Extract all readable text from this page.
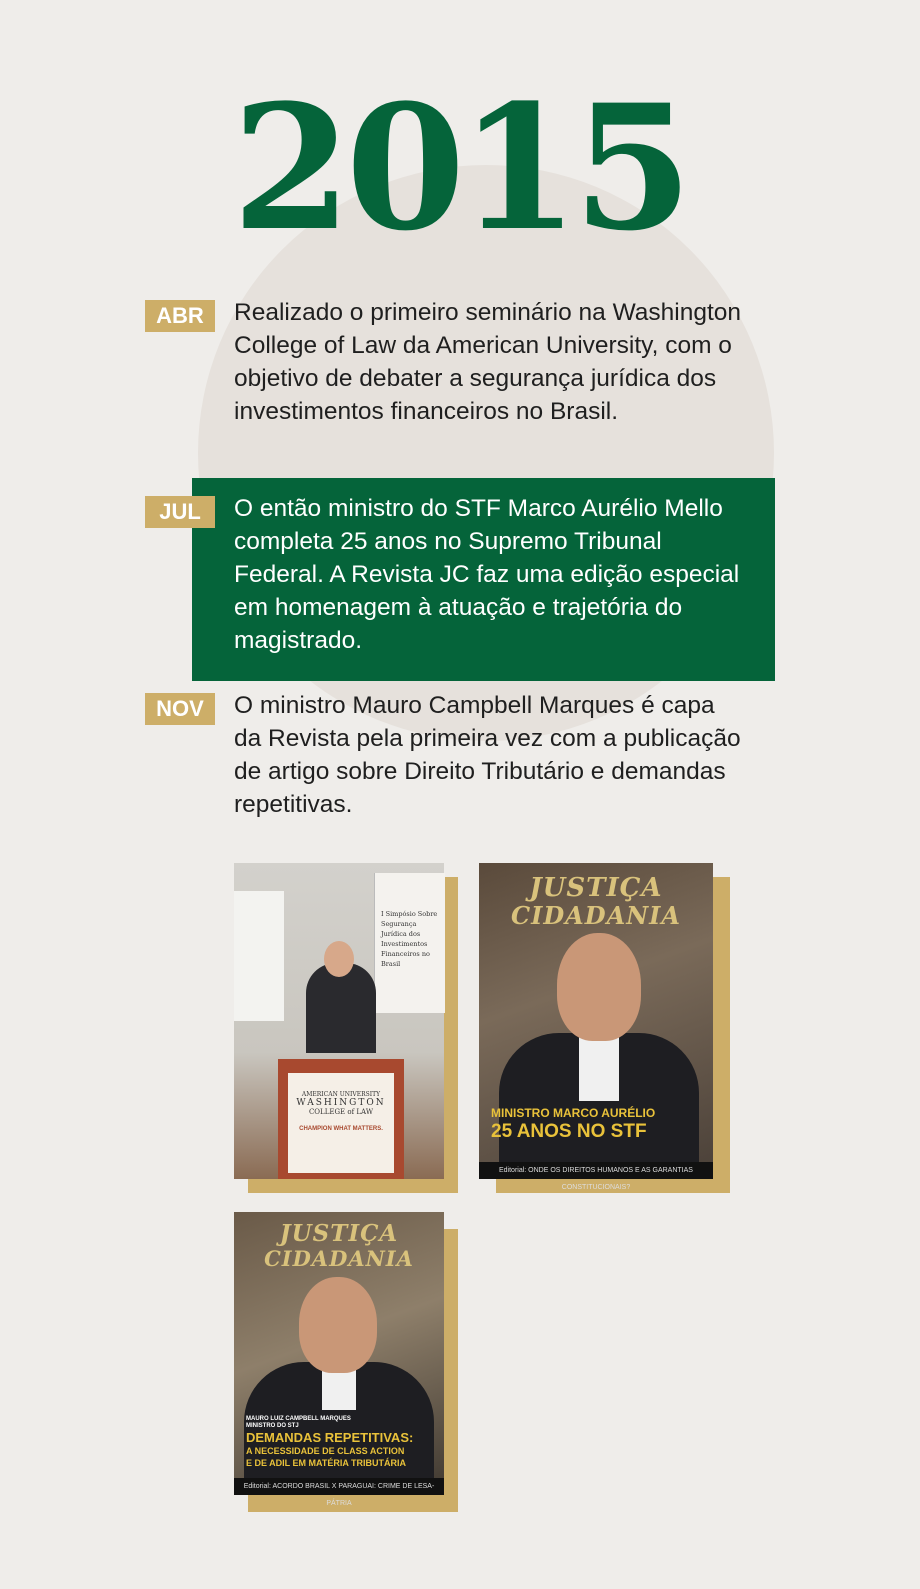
2015
ABR	Realizado o primeiro seminário na Washington College of Law da American University, com o objetivo de debater a segurança jurídica dos investimentos financeiros no Brasil.
JUL	O então ministro do STF Marco Aurélio Mello completa 25 anos no Supremo Tribunal Federal. A Revista JC faz uma edição especial em homenagem à atuação e trajetória do magistrado.
NOV	O ministro Mauro Campbell Marques é capa da Revista pela primeira vez com a publicação de artigo sobre Direito Tributário e demandas repetitivas.
I Simpósio Sobre Segurança Jurídica dos Investimentos Financeiros no Brasil
AMERICAN UNIVERSITY
WASHINGTON
COLLEGE of LAW
CHAMPION WHAT MATTERS.
JUSTIÇA
CIDADANIA
MINISTRO MARCO AURÉLIO
25 ANOS NO STF
Editorial: ONDE OS DIREITOS HUMANOS E AS GARANTIAS CONSTITUCIONAIS?
JUSTIÇA
CIDADANIA
MAURO LUIZ CAMPBELL MARQUES
MINISTRO DO STJ
DEMANDAS REPETITIVAS:
A NECESSIDADE DE CLASS ACTION
E DE ADIL EM MATÉRIA TRIBUTÁRIA
Editorial: ACORDO BRASIL X PARAGUAI: CRIME DE LESA-PÁTRIA
